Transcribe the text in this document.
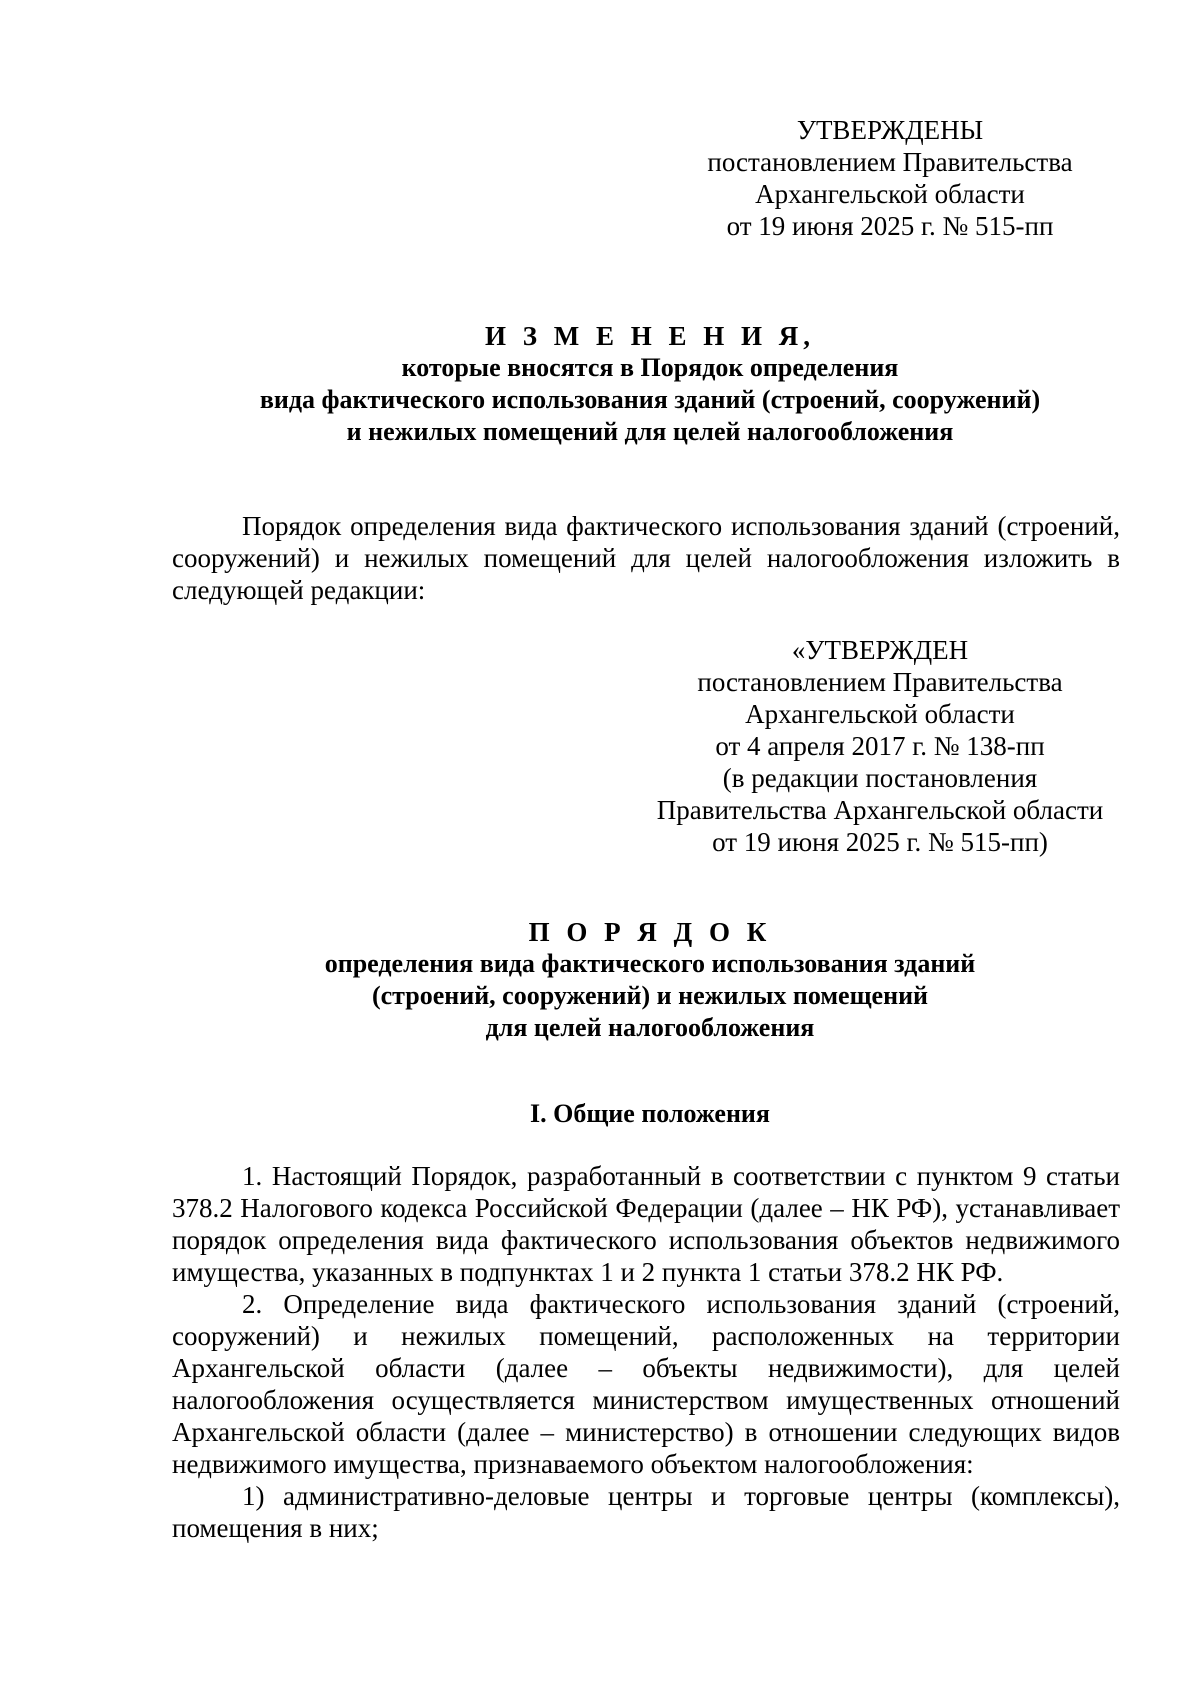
УТВЕРЖДЕНЫ
постановлением Правительства
Архангельской области
от 19 июня 2025 г. № 515-пп
И З М Е Н Е Н И Я,
которые вносятся в Порядок определения
вида фактического использования зданий (строений, сооружений)
и нежилых помещений для целей налогообложения

Порядок определения вида фактического использования зданий (строений, сооружений) и нежилых помещений для целей налогообложения изложить в следующей редакции:

«УТВЕРЖДЕН
постановлением Правительства
Архангельской области
от 4 апреля 2017 г. № 138-пп
(в редакции постановления
Правительства Архангельской области
от 19 июня 2025 г. № 515-пп)
П О Р Я Д О К
определения вида фактического использования зданий
(строений, сооружений) и нежилых помещений
для целей налогообложения
I. Общие положения

1. Настоящий Порядок, разработанный в соответствии с пунктом 9 статьи 378.2 Налогового кодекса Российской Федерации (далее – НК РФ), устанавливает порядок определения вида фактического использования объектов недвижимого имущества, указанных в подпунктах 1 и 2 пункта 1 статьи 378.2 НК РФ.

2. Определение вида фактического использования зданий (строений, сооружений) и нежилых помещений, расположенных на территории Архангельской области (далее – объекты недвижимости), для целей налогообложения осуществляется министерством имущественных отношений Архангельской области (далее – министерство) в отношении следующих видов недвижимого имущества, признаваемого объектом налогообложения:

1) административно-деловые центры и торговые центры (комплексы), помещения в них;
